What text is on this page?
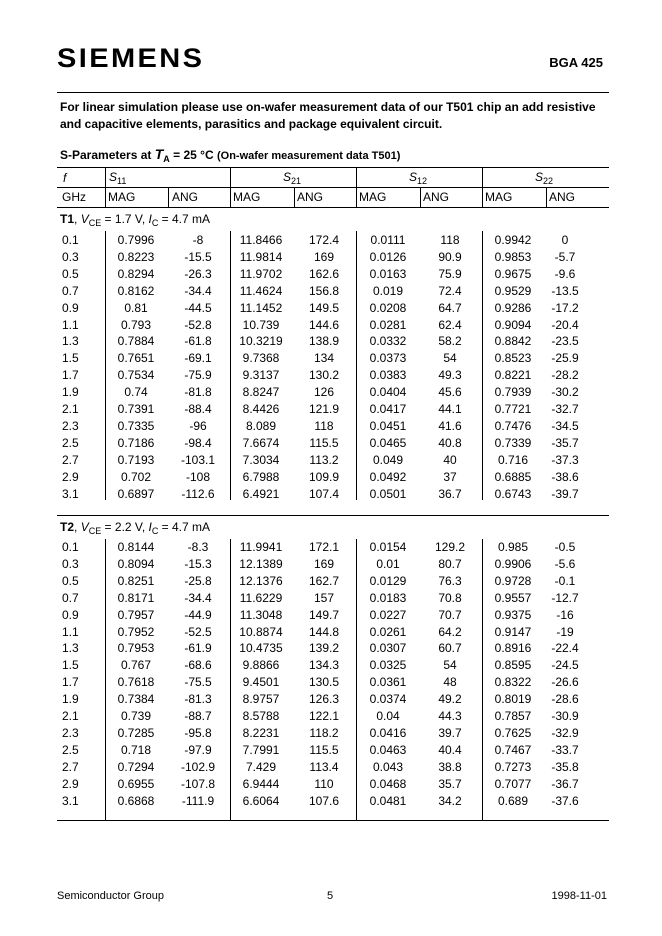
SIEMENS	BGA 425
For linear simulation please use on-wafer measurement data of our T501 chip an add resistive and capacitive elements, parasitics and package equivalent circuit.
S-Parameters at $T_A = 25$ °C (On-wafer measurement data T501)
f	$S_{11}$	$S_{21}$	$S_{12}$	$S_{22}$
GHz MAG	ANG	MAG	ANG	MAG	ANG	MAG	ANG
T1, $V_{CE} = 1.7$ V, $I_C = 4.7$ mA
0.1	0.7996	-8	11.8466 172.4	0.0111	118	0.9942	0
0.3	0.8223 -15.5 11.9814	169	0.0126	90.9	0.9853 -5.7
0.5	0.8294 -26.3 11.9702 162.6	0.0163	75.9	0.9675 -9.6
0.7	0.8162 -34.4 11.4624 156.8	0.019	72.4	0.9529 -13.5
0.9	0.81	-44.5 11.1452 149.5	0.0208	64.7	0.9286 -17.2
1.1	0.793	-52.8	10.739 144.6	0.0281	62.4	0.9094 -20.4
1.3	0.7884 -61.8 10.3219 138.9	0.0332	58.2	0.8842 -23.5
1.5	0.7651 -69.1	9.7368	134	0.0373	54	0.8523 -25.9
1.7	0.7534 -75.9	9.3137 130.2	0.0383	49.3	0.8221 -28.2
1.9	0.74	-81.8	8.8247	126	0.0404	45.6	0.7939 -30.2
2.1	0.7391 -88.4	8.4426 121.9	0.0417	44.1	0.7721 -32.7
2.3	0.7335	-96	8.089	118	0.0451	41.6	0.7476 -34.5
2.5	0.7186 -98.4	7.6674	115.5	0.0465	40.8	0.7339 -35.7
2.7	0.7193 -103.1 7.3034	113.2	0.049	40	0.716 -37.3
2.9	0.702	-108	6.7988 109.9	0.0492	37	0.6885 -38.6
3.1	0.6897 -112.6 6.4921 107.4	0.0501	36.7	0.6743 -39.7
T2, $V_{CE} = 2.2$ V, $I_C = 4.7$ mA
0.1	0.8144	-8.3	11.9941 172.1	0.0154 129.2	0.985 -0.5
0.3	0.8094 -15.3 12.1389	169	0.01	80.7	0.9906 -5.6
0.5	0.8251 -25.8 12.1376 162.7	0.0129	76.3	0.9728 -0.1
0.7	0.8171 -34.4 11.6229	157	0.0183	70.8	0.9557 -12.7
0.9	0.7957 -44.9 11.3048 149.7	0.0227	70.7	0.9375 -16
1.1	0.7952 -52.5 10.8874 144.8	0.0261	64.2	0.9147 -19
1.3	0.7953 -61.9 10.4735 139.2	0.0307	60.7	0.8916 -22.4
1.5	0.767	-68.6	9.8866 134.3	0.0325	54	0.8595 -24.5
1.7	0.7618 -75.5	9.4501 130.5	0.0361	48	0.8322 -26.6
1.9	0.7384 -81.3	8.9757 126.3	0.0374	49.2	0.8019 -28.6
2.1	0.739	-88.7	8.5788 122.1	0.04	44.3	0.7857 -30.9
2.3	0.7285 -95.8	8.2231	118.2	0.0416	39.7	0.7625 -32.9
2.5	0.718	-97.9	7.7991	115.5	0.0463	40.4	0.7467 -33.7
2.7	0.7294 -102.9	7.429	113.4	0.043	38.8	0.7273 -35.8
2.9	0.6955 -107.8 6.9444	110	0.0468	35.7	0.7077 -36.7
3.1	0.6868 -111.9 6.6064 107.6	0.0481	34.2	0.689 -37.6
Semiconductor Group	5	1998-11-01
